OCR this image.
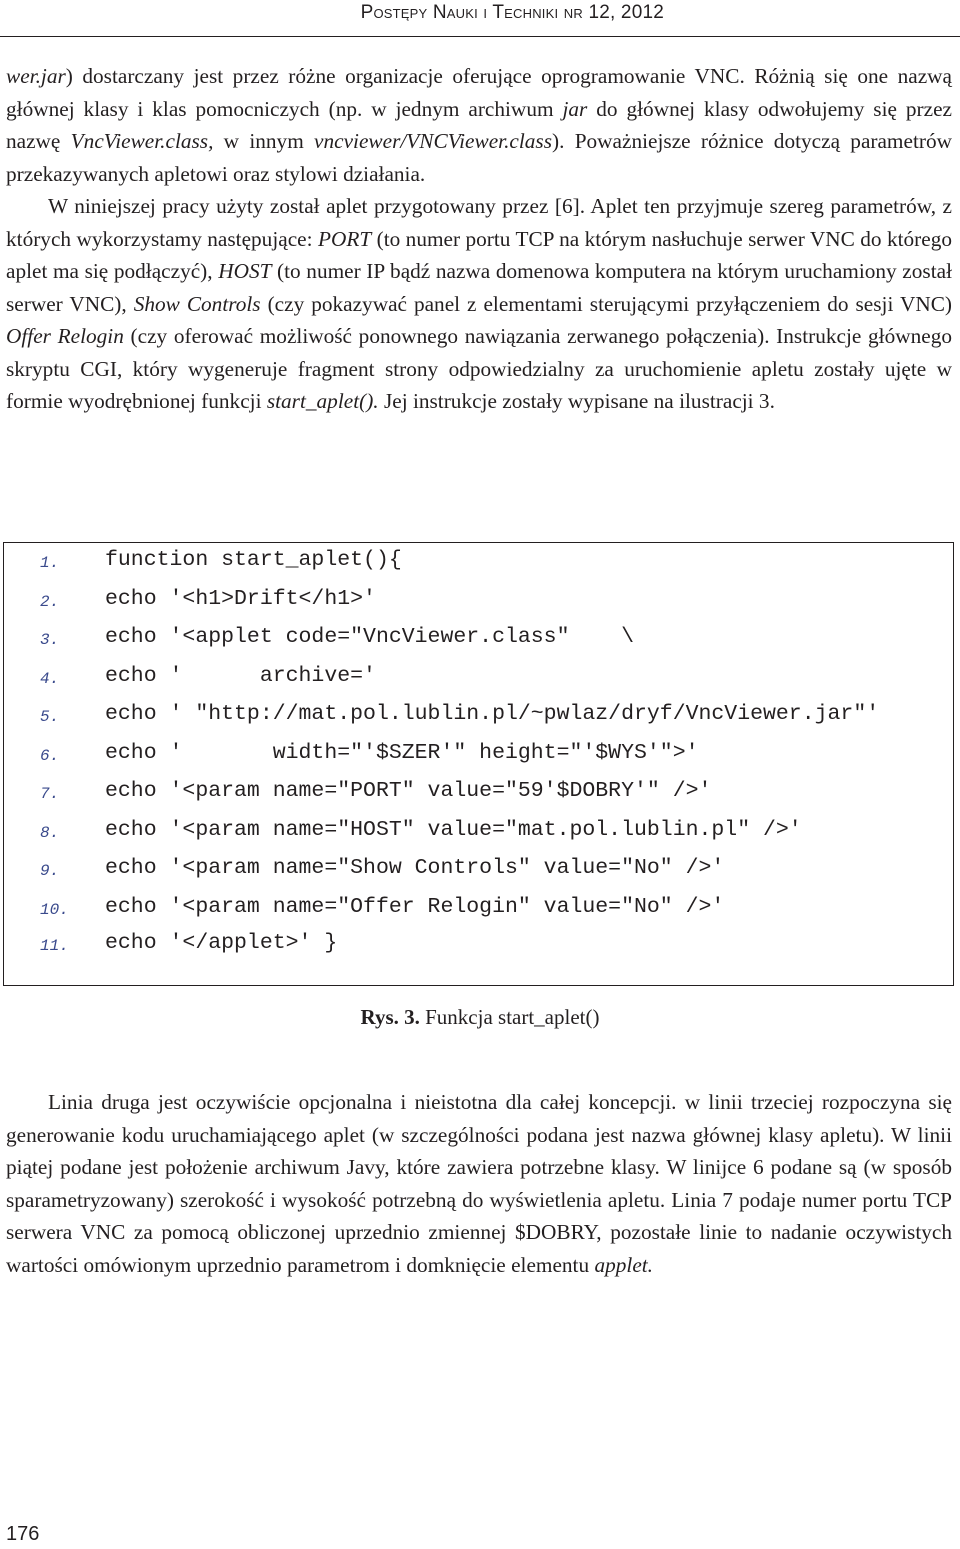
Postępy Nauki i Techniki nr 12, 2012

wer.jar) dostarczany jest przez różne organizacje oferujące oprogramowanie VNC. Różnią się one nazwą głównej klasy i klas pomocniczych (np. w jednym archiwum jar do głównej klasy odwołujemy się przez nazwę VncViewer.class, w innym vncviewer/VNCViewer.class). Poważniejsze różnice dotyczą parametrów przekazywanych apletowi oraz stylowi działania.

W niniejszej pracy użyty został aplet przygotowany przez [6]. Aplet ten przyjmuje szereg parametrów, z których wykorzystamy następujące: PORT (to numer portu TCP na którym nasłuchuje serwer VNC do którego aplet ma się podłączyć), HOST (to numer IP bądź nazwa domenowa komputera na którym uruchamiony został serwer VNC), Show Controls (czy pokazywać panel z elementami sterującymi przyłączeniem do sesji VNC) Offer Relogin (czy oferować możliwość ponownego nawiązania zerwanego połączenia). Instrukcje głównego skryptu CGI, który wygeneruje fragment strony odpowiedzialny za uruchomienie apletu zostały ujęte w formie wyodrębnionej funkcji start_aplet(). Jej instrukcje zostały wypisane na ilustracji 3.

1. function start_aplet(){
2. echo '<h1>Drift</h1>'
3. echo '<applet code="VncViewer.class"    \
4. echo '      archive='
5. echo ' "http://mat.pol.lublin.pl/~pwlaz/dryf/VncViewer.jar"'
6. echo '       width="'$SZER'" height="'$WYS'">'
7. echo '<param name="PORT" value="59'$DOBRY'" />'
8. echo '<param name="HOST" value="mat.pol.lublin.pl" />'
9. echo '<param name="Show Controls" value="No" />'
10. echo '<param name="Offer Relogin" value="No" />'
11. echo '</applet>' }
Rys. 3. Funkcja start_aplet()

Linia druga jest oczywiście opcjonalna i nieistotna dla całej koncepcji. w linii trzeciej rozpoczyna się generowanie kodu uruchamiającego aplet (w szczególności podana jest nazwa głównej klasy apletu). W linii piątej podane jest położenie archiwum Javy, które zawiera potrzebne klasy. W linijce 6 podane są (w sposób sparametryzowany) szerokość i wysokość potrzebną do wyświetlenia apletu. Linia 7 podaje numer portu TCP serwera VNC za pomocą obliczonej uprzednio zmiennej $DOBRY, pozostałe linie to nadanie oczywistych wartości omówionym uprzednio parametrom i domknięcie elementu applet.

176
